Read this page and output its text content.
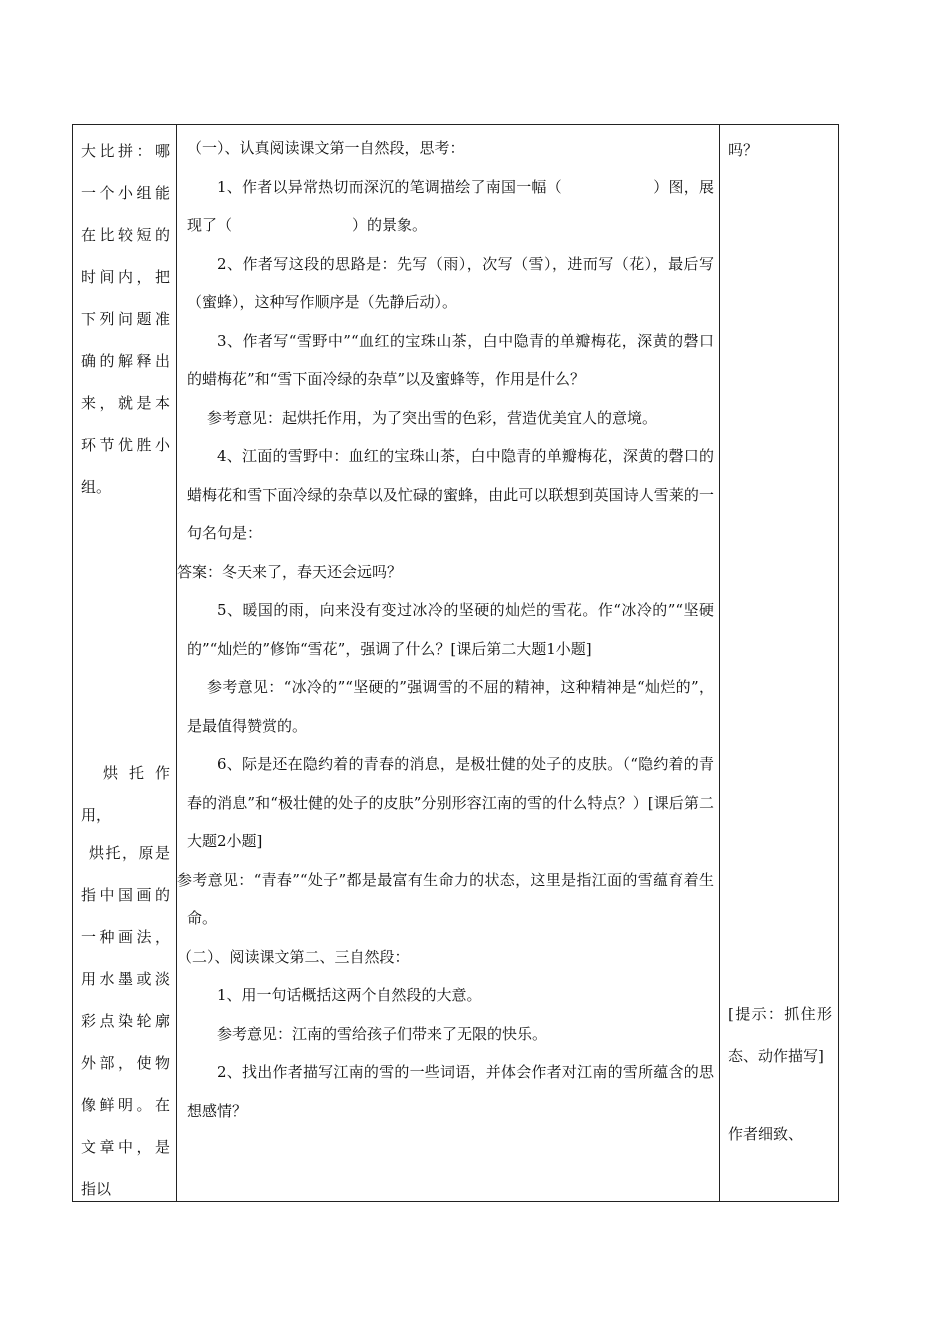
大比拼：哪一个小组能在比较短的时间内，把下列问题准确的解释出来，就是本环节优胜小组。

烘托作用，

烘托，原是指中国画的一种画法，用水墨或淡彩点染轮廓外部，使物像鲜明。在文章中，是指以

（一）、认真阅读课文第一自然段，思考：

1、作者以异常热切而深沉的笔调描绘了南国一幅（　　　　　　）图，展现了（　　　　　　　　）的景象。

2、作者写这段的思路是：先写（雨），次写（雪），进而写（花），最后写（蜜蜂），这种写作顺序是（先静后动）。

3、作者写“雪野中”“血红的宝珠山茶，白中隐青的单瓣梅花，深黄的磬口的蜡梅花”和“雪下面冷绿的杂草”以及蜜蜂等，作用是什么？

参考意见：起烘托作用，为了突出雪的色彩，营造优美宜人的意境。

4、江面的雪野中：血红的宝珠山茶，白中隐青的单瓣梅花，深黄的磬口的蜡梅花和雪下面冷绿的杂草以及忙碌的蜜蜂，由此可以联想到英国诗人雪莱的一句名句是：

答案：冬天来了，春天还会远吗？

5、暖国的雨，向来没有变过冰冷的坚硬的灿烂的雪花。作“冰冷的”“坚硬的”“灿烂的”修饰“雪花”，强调了什么？[课后第二大题1小题]

参考意见：“冰冷的”“坚硬的”强调雪的不屈的精神，这种精神是“灿烂的”，是最值得赞赏的。

6、际是还在隐约着的青春的消息，是极壮健的处子的皮肤。（“隐约着的青春的消息”和“极壮健的处子的皮肤”分别形容江南的雪的什么特点？）[课后第二大题2小题]

参考意见：“青春”“处子”都是最富有生命力的状态，这里是指江面的雪蕴育着生命。

（二）、阅读课文第二、三自然段：

1、用一句话概括这两个自然段的大意。

参考意见：江南的雪给孩子们带来了无限的快乐。

2、找出作者描写江南的雪的一些词语，并体会作者对江南的雪所蕴含的思想感情？

吗？

[提示：抓住形态、动作描写]

作者细致、
